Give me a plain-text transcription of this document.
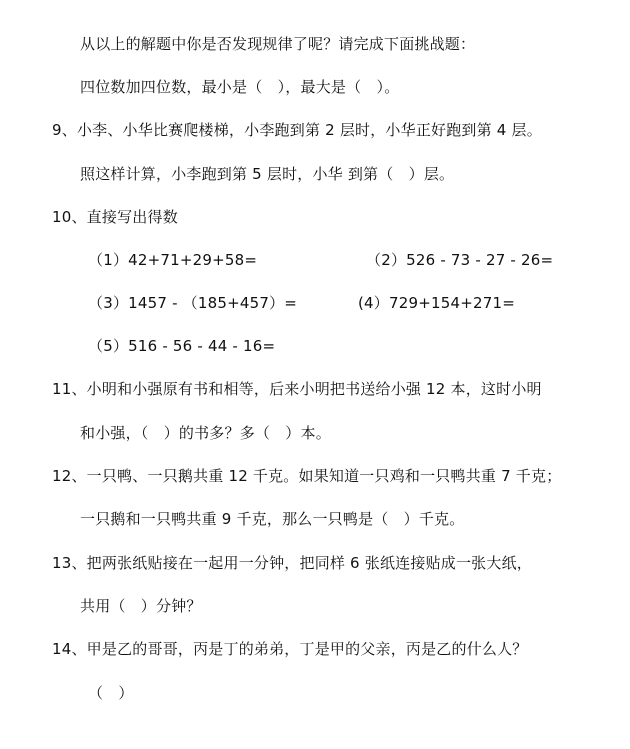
从以上的解题中你是否发现规律了呢？请完成下面挑战题：
四位数加四位数，最小是（　），最大是（　）。
9、小李、小华比赛爬楼梯，小李跑到第 2 层时，小华正好跑到第 4 层。
照这样计算，小李跑到第 5 层时，小华 到第（　）层。
10、直接写出得数
（1）42+71+29+58=	（2）526 - 73 - 27 - 26=
（3）1457 - （185+457）=	(4）729+154+271=
（5）516 - 56 - 44 - 16=
11、小明和小强原有书和相等，后来小明把书送给小强 12 本，这时小明
和小强，（　）的书多？多（　）本。
12、一只鸭、一只鹅共重 12 千克。如果知道一只鸡和一只鸭共重 7 千克；
一只鹅和一只鸭共重 9 千克，那么一只鸭是（　）千克。
13、把两张纸贴接在一起用一分钟，把同样 6 张纸连接贴成一张大纸，
共用（　）分钟？
14、甲是乙的哥哥，丙是丁的弟弟，丁是甲的父亲，丙是乙的什么人？
（　）
